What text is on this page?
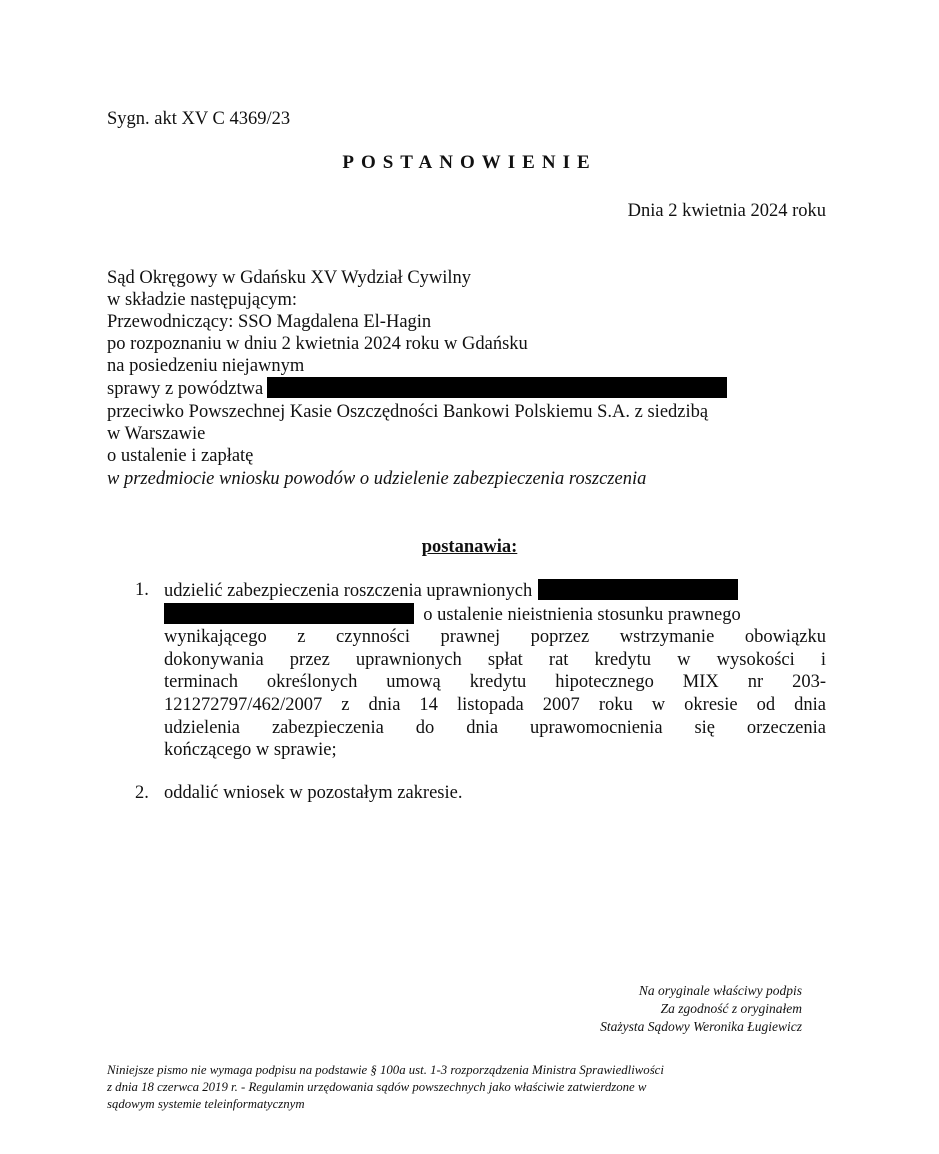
Sygn. akt XV C 4369/23
POSTANOWIENIE
Dnia 2 kwietnia 2024 roku
Sąd Okręgowy w Gdańsku XV Wydział Cywilny
w składzie następującym:
Przewodniczący: SSO Magdalena El-Hagin
po rozpoznaniu w dniu 2 kwietnia 2024 roku w Gdańsku
na posiedzeniu niejawnym
sprawy z powództwa
przeciwko Powszechnej Kasie Oszczędności Bankowi Polskiemu S.A. z siedzibą
w Warszawie
o ustalenie i zapłatę
w przedmiocie wniosku powodów o udzielenie zabezpieczenia roszczenia
postanawia:
1. udzielić zabezpieczenia roszczenia uprawnionych
o ustalenie nieistnienia stosunku prawnego
wynikającego z czynności prawnej poprzez wstrzymanie obowiązku
dokonywania przez uprawnionych spłat rat kredytu w wysokości i
terminach określonych umową kredytu hipotecznego MIX nr 203-
121272797/462/2007 z dnia 14 listopada 2007 roku w okresie od dnia
udzielenia zabezpieczenia do dnia uprawomocnienia się orzeczenia
kończącego w sprawie;
2. oddalić wniosek w pozostałym zakresie.
Na oryginale właściwy podpis
Za zgodność z oryginałem
Stażysta Sądowy Weronika Ługiewicz
Niniejsze pismo nie wymaga podpisu na podstawie § 100a ust. 1-3 rozporządzenia Ministra Sprawiedliwości
z dnia 18 czerwca 2019 r. - Regulamin urzędowania sądów powszechnych jako właściwie zatwierdzone w
sądowym systemie teleinformatycznym
